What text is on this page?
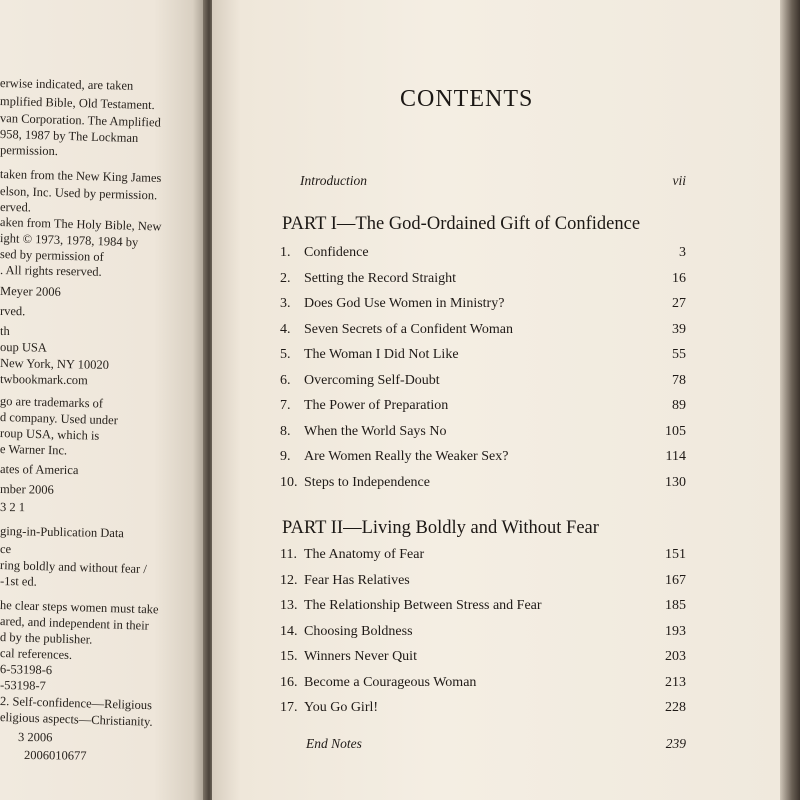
erwise indicated, are taken
mplified Bible, Old Testament.
van Corporation. The Amplified
958, 1987 by The Lockman
permission.
taken from the New King James
elson, Inc. Used by permission.
erved.
aken from The Holy Bible, New
ight © 1973, 1978, 1984 by
sed by permission of
. All rights reserved.
Meyer 2006
rved.
th
oup USA
New York, NY 10020
twbookmark.com
go are trademarks of
d company. Used under
roup USA, which is
e Warner Inc.
ates of America
mber 2006
3 2 1
ging-in-Publication Data
ce
ring boldly and without fear /
-1st ed.
he clear steps women must take
ared, and independent in their
d by the publisher.
cal references.
6-53198-6
-53198-7
2. Self-confidence—Religious
eligious aspects—Christianity.
3 2006
2006010677
CONTENTS
Introduction	vii
PART I—The God-Ordained Gift of Confidence
1. Confidence	3
2. Setting the Record Straight	16
3. Does God Use Women in Ministry?	27
4. Seven Secrets of a Confident Woman	39
5. The Woman I Did Not Like	55
6. Overcoming Self-Doubt	78
7. The Power of Preparation	89
8. When the World Says No	105
9. Are Women Really the Weaker Sex?	114
10. Steps to Independence	130
PART II—Living Boldly and Without Fear
11. The Anatomy of Fear	151
12. Fear Has Relatives	167
13. The Relationship Between Stress and Fear	185
14. Choosing Boldness	193
15. Winners Never Quit	203
16. Become a Courageous Woman	213
17. You Go Girl!	228
End Notes	239
